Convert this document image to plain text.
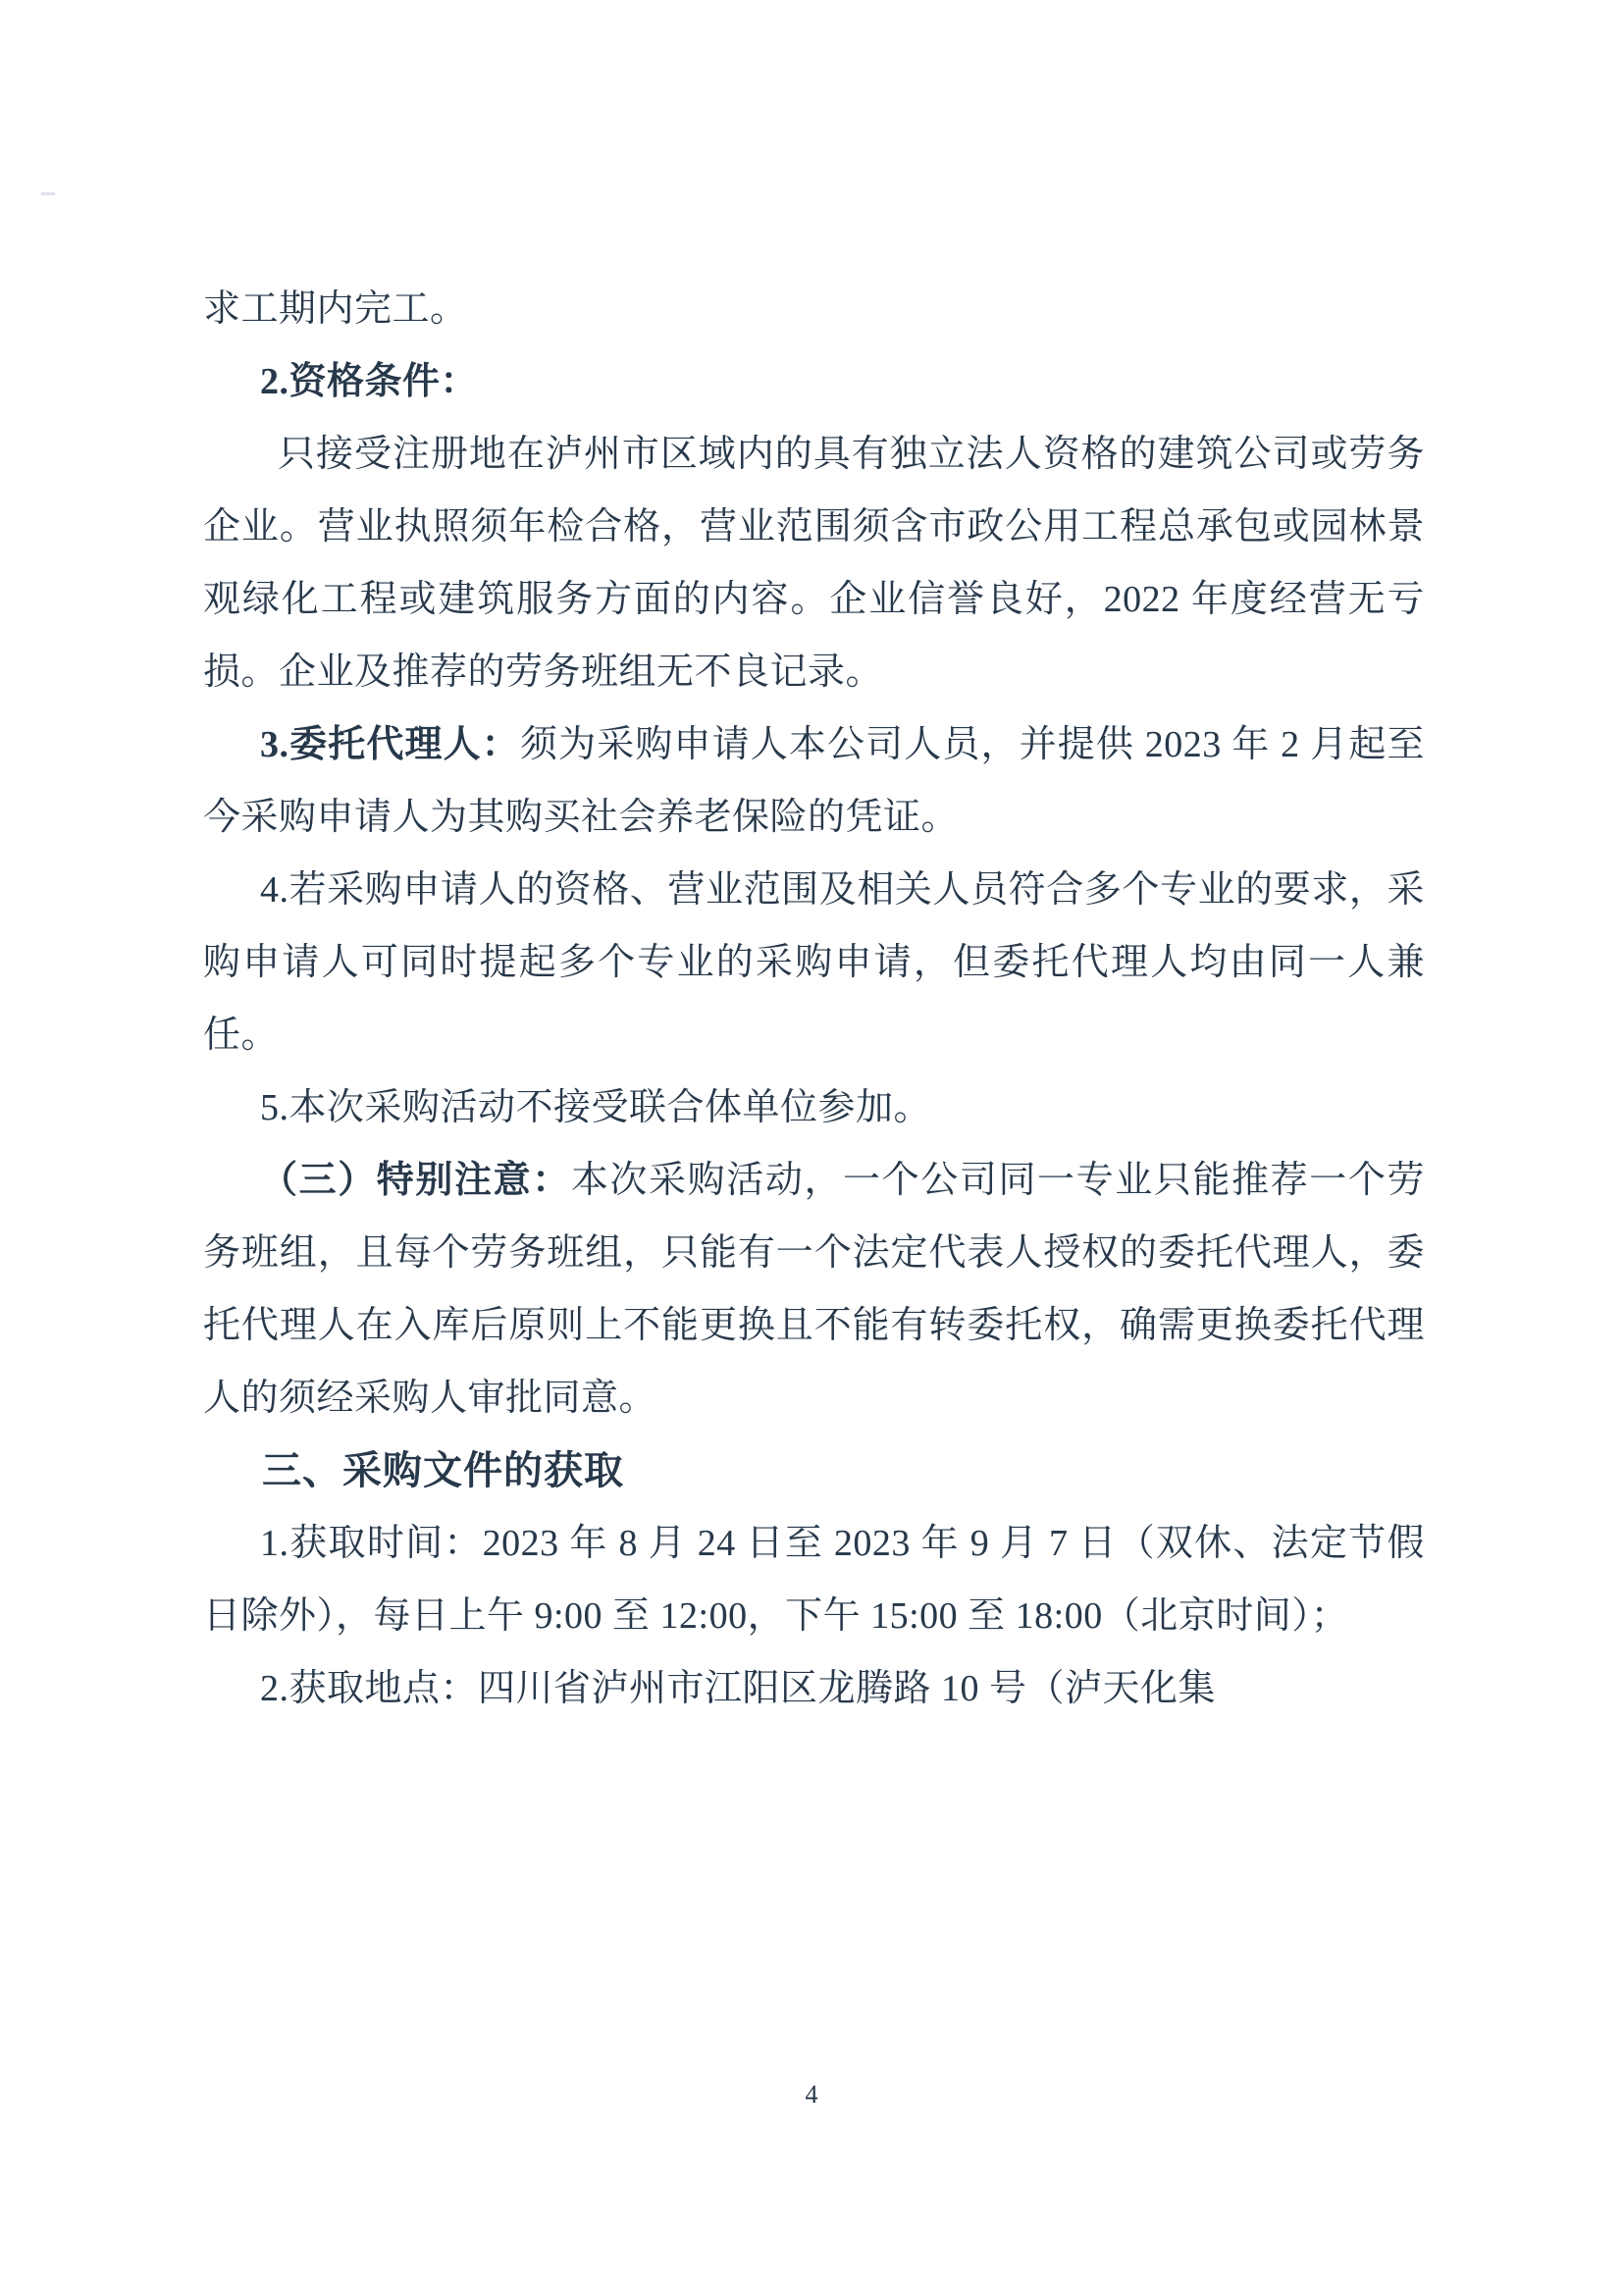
求工期内完工。

2.资格条件：

只接受注册地在泸州市区域内的具有独立法人资格的建筑公司或劳务企业。营业执照须年检合格，营业范围须含市政公用工程总承包或园林景观绿化工程或建筑服务方面的内容。企业信誉良好，2022 年度经营无亏损。企业及推荐的劳务班组无不良记录。

3.委托代理人：须为采购申请人本公司人员，并提供 2023 年 2 月起至今采购申请人为其购买社会养老保险的凭证。

4.若采购申请人的资格、营业范围及相关人员符合多个专业的要求，采购申请人可同时提起多个专业的采购申请，但委托代理人均由同一人兼任。

5.本次采购活动不接受联合体单位参加。

（三）特别注意：本次采购活动，一个公司同一专业只能推荐一个劳务班组，且每个劳务班组，只能有一个法定代表人授权的委托代理人，委托代理人在入库后原则上不能更换且不能有转委托权，确需更换委托代理人的须经采购人审批同意。

三、采购文件的获取

1.获取时间：2023 年 8 月 24 日至 2023 年 9 月 7 日（双休、法定节假日除外），每日上午 9:00 至 12:00，下午 15:00 至 18:00（北京时间）；

2.获取地点：四川省泸州市江阳区龙腾路 10 号（泸天化集

4
